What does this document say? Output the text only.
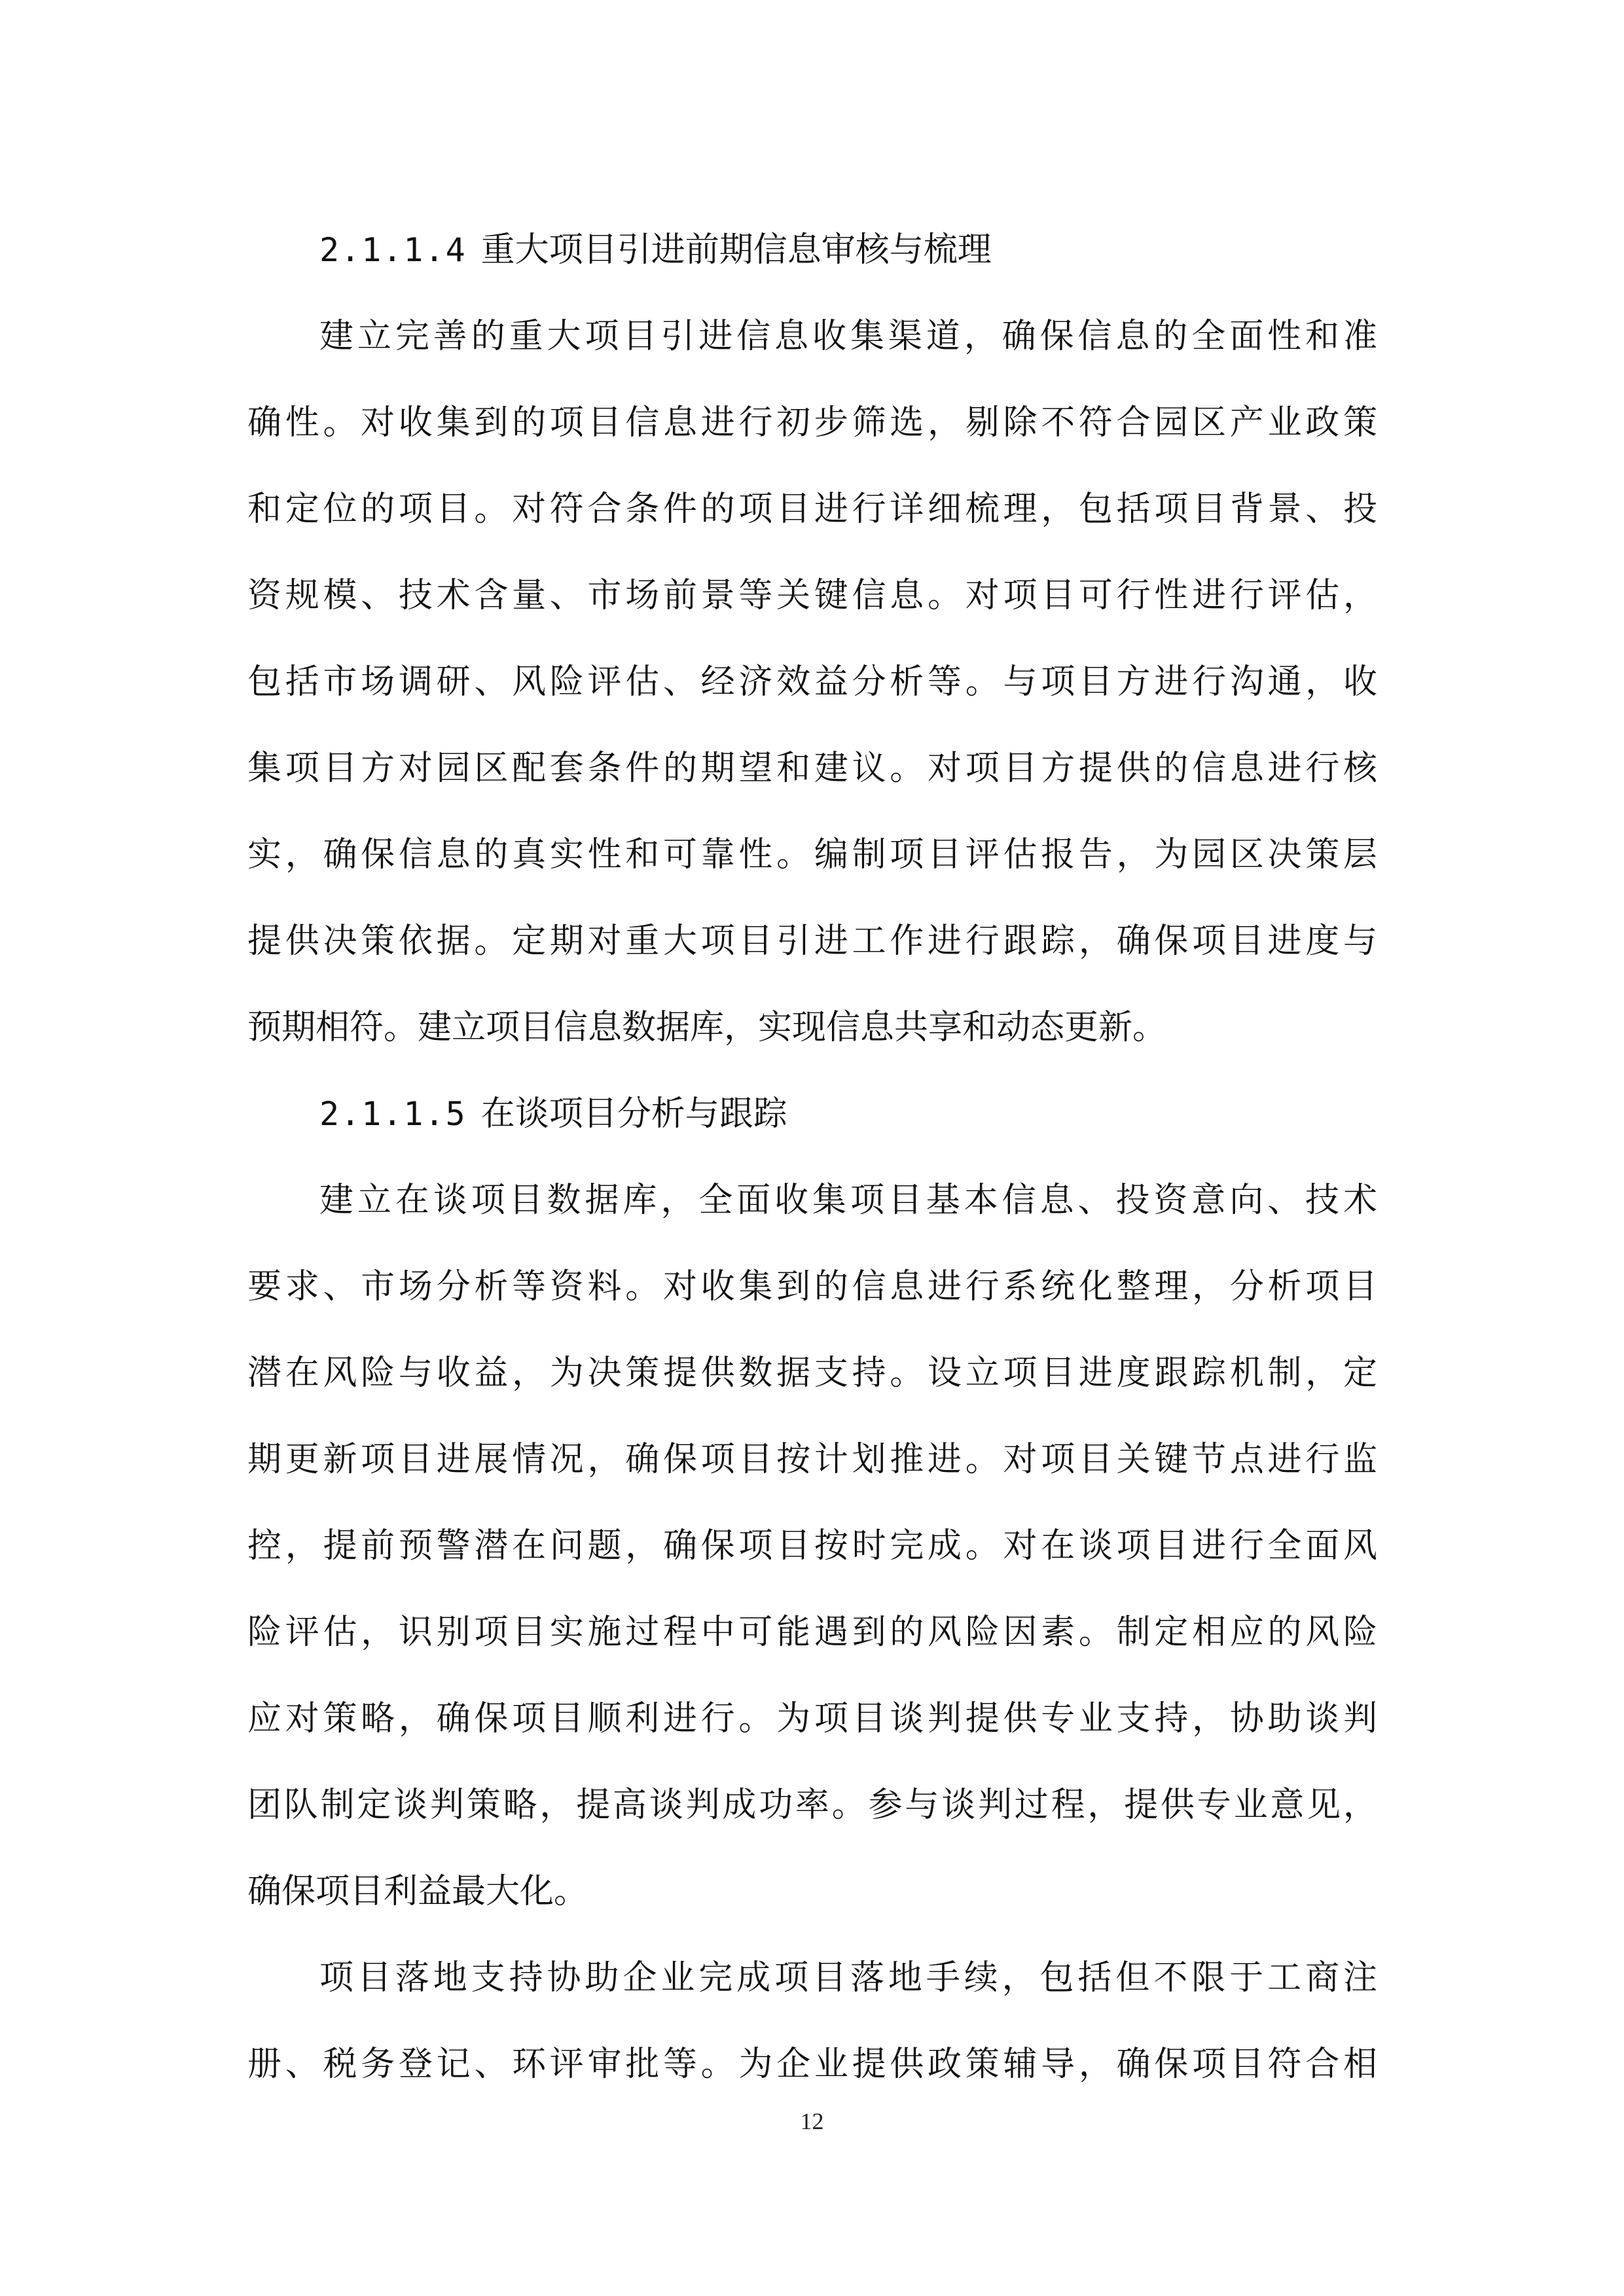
2.1.1.4 重大项目引进前期信息审核与梳理
建立完善的重大项目引进信息收集渠道，确保信息的全面性和准
确性。对收集到的项目信息进行初步筛选，剔除不符合园区产业政策
和定位的项目。对符合条件的项目进行详细梳理，包括项目背景、投
资规模、技术含量、市场前景等关键信息。对项目可行性进行评估，
包括市场调研、风险评估、经济效益分析等。与项目方进行沟通，收
集项目方对园区配套条件的期望和建议。对项目方提供的信息进行核
实，确保信息的真实性和可靠性。编制项目评估报告，为园区决策层
提供决策依据。定期对重大项目引进工作进行跟踪，确保项目进度与
预期相符。建立项目信息数据库，实现信息共享和动态更新。
2.1.1.5 在谈项目分析与跟踪
建立在谈项目数据库，全面收集项目基本信息、投资意向、技术
要求、市场分析等资料。对收集到的信息进行系统化整理，分析项目
潜在风险与收益，为决策提供数据支持。设立项目进度跟踪机制，定
期更新项目进展情况，确保项目按计划推进。对项目关键节点进行监
控，提前预警潜在问题，确保项目按时完成。对在谈项目进行全面风
险评估，识别项目实施过程中可能遇到的风险因素。制定相应的风险
应对策略，确保项目顺利进行。为项目谈判提供专业支持，协助谈判
团队制定谈判策略，提高谈判成功率。参与谈判过程，提供专业意见，
确保项目利益最大化。
项目落地支持协助企业完成项目落地手续，包括但不限于工商注
册、税务登记、环评审批等。为企业提供政策辅导，确保项目符合相
12
